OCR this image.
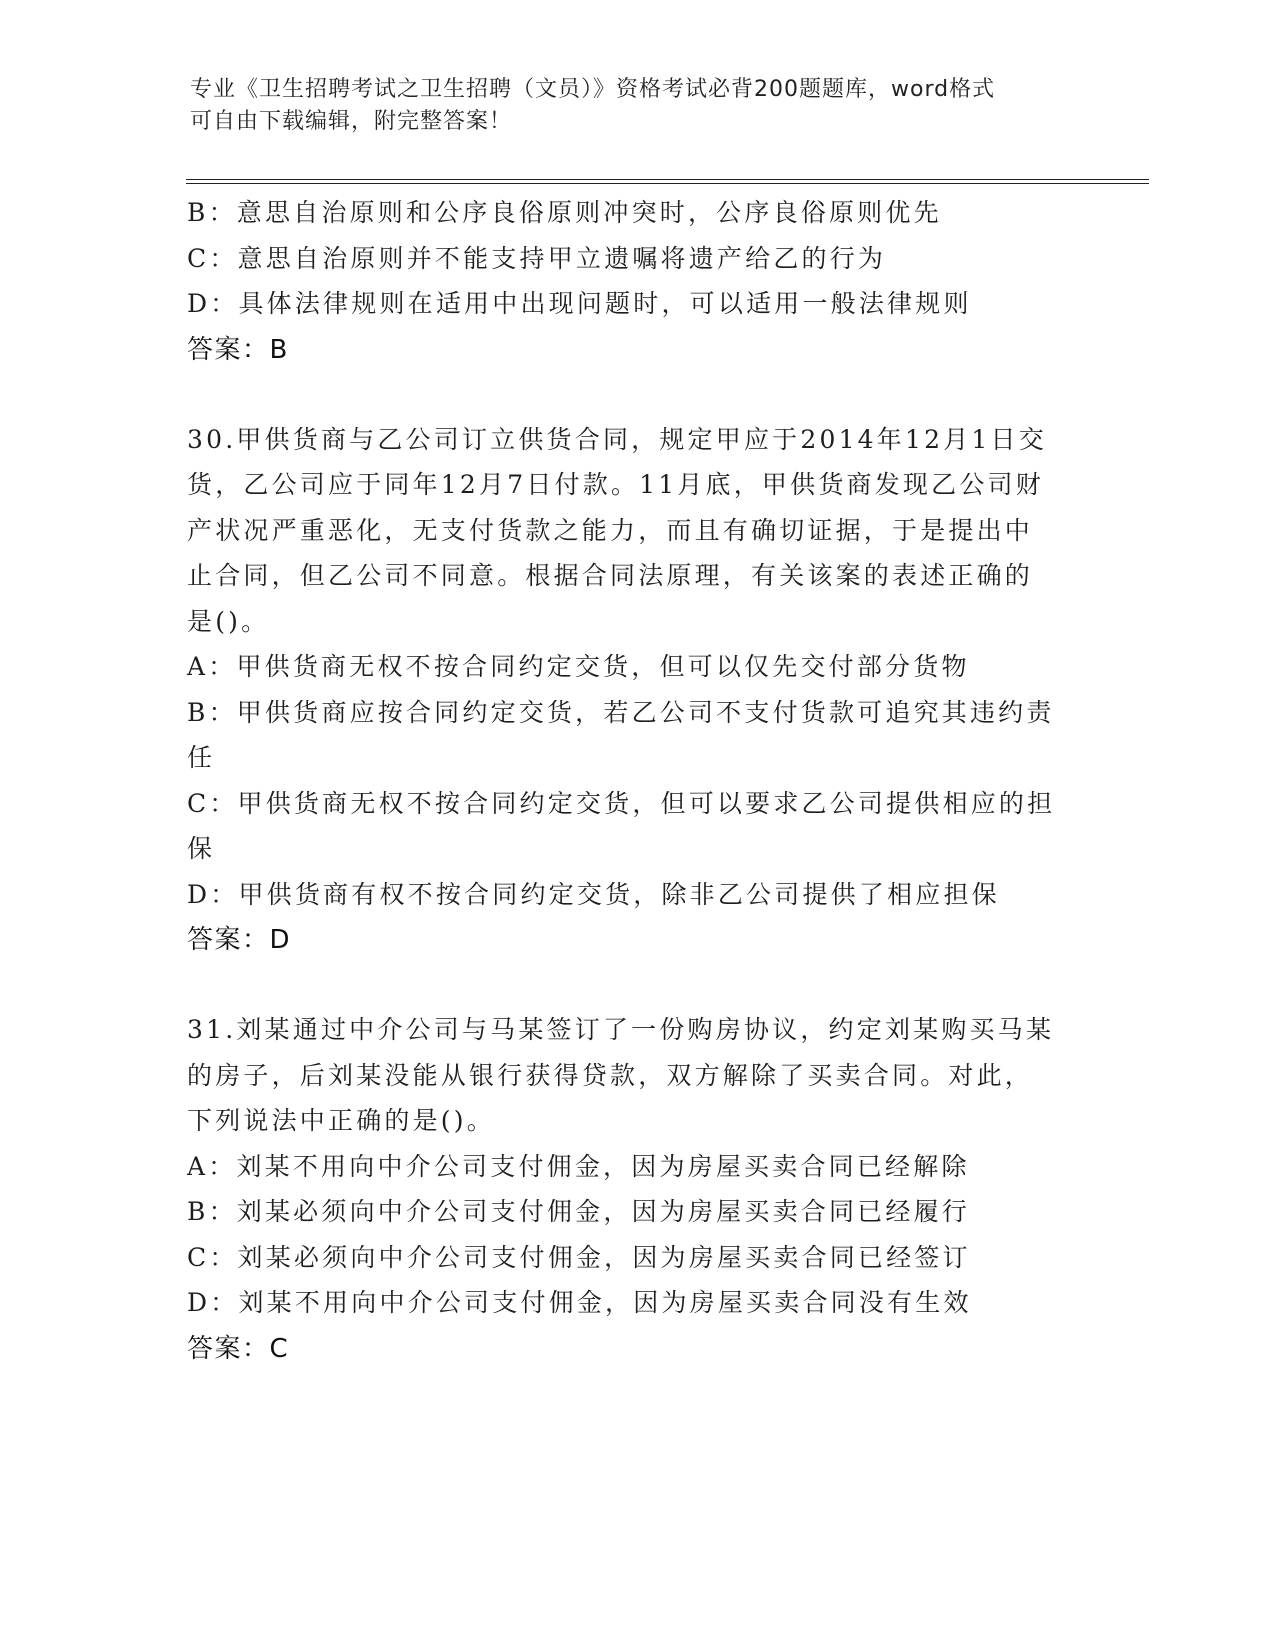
专业《卫生招聘考试之卫生招聘（文员）》资格考试必背200题题库，word格式
可自由下载编辑，附完整答案！
B：意思自治原则和公序良俗原则冲突时，公序良俗原则优先
C：意思自治原则并不能支持甲立遗嘱将遗产给乙的行为
D：具体法律规则在适用中出现问题时，可以适用一般法律规则
答案：B
30.甲供货商与乙公司订立供货合同，规定甲应于2014年12月1日交
货，乙公司应于同年12月7日付款。11月底，甲供货商发现乙公司财
产状况严重恶化，无支付货款之能力，而且有确切证据，于是提出中
止合同，但乙公司不同意。根据合同法原理，有关该案的表述正确的
是()。
A：甲供货商无权不按合同约定交货，但可以仅先交付部分货物
B：甲供货商应按合同约定交货，若乙公司不支付货款可追究其违约责
任
C：甲供货商无权不按合同约定交货，但可以要求乙公司提供相应的担
保
D：甲供货商有权不按合同约定交货，除非乙公司提供了相应担保
答案：D
31.刘某通过中介公司与马某签订了一份购房协议，约定刘某购买马某
的房子，后刘某没能从银行获得贷款，双方解除了买卖合同。对此，
下列说法中正确的是()。
A：刘某不用向中介公司支付佣金，因为房屋买卖合同已经解除
B：刘某必须向中介公司支付佣金，因为房屋买卖合同已经履行
C：刘某必须向中介公司支付佣金，因为房屋买卖合同已经签订
D：刘某不用向中介公司支付佣金，因为房屋买卖合同没有生效
答案：C
